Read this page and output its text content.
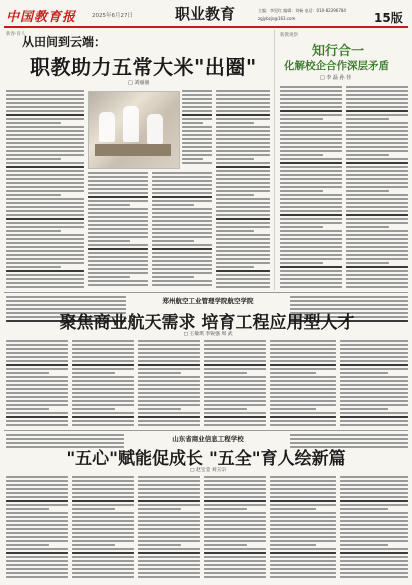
中国教育报	2025年6月27日	职业教育	主编：李见红 编辑：刘畅 电话：010-82296784
zgjybzjs@163.com	15版
新春·育人
从田间到云端：
职教助力五常大米"出圈"
□ 刘丽丽
新教观察
知行合一
化解校企合作深层矛盾
□ 李 磊 孙 佳
郑州航空工业管理学院航空学院
聚焦商业航天需求 培育工程应用型人才
□ 王敏琪 李锐强 周 武
山东省商业信息工程学校
"五心"赋能促成长 "五全"育人绘新篇
□ 赵宝莹 刘玉宗
